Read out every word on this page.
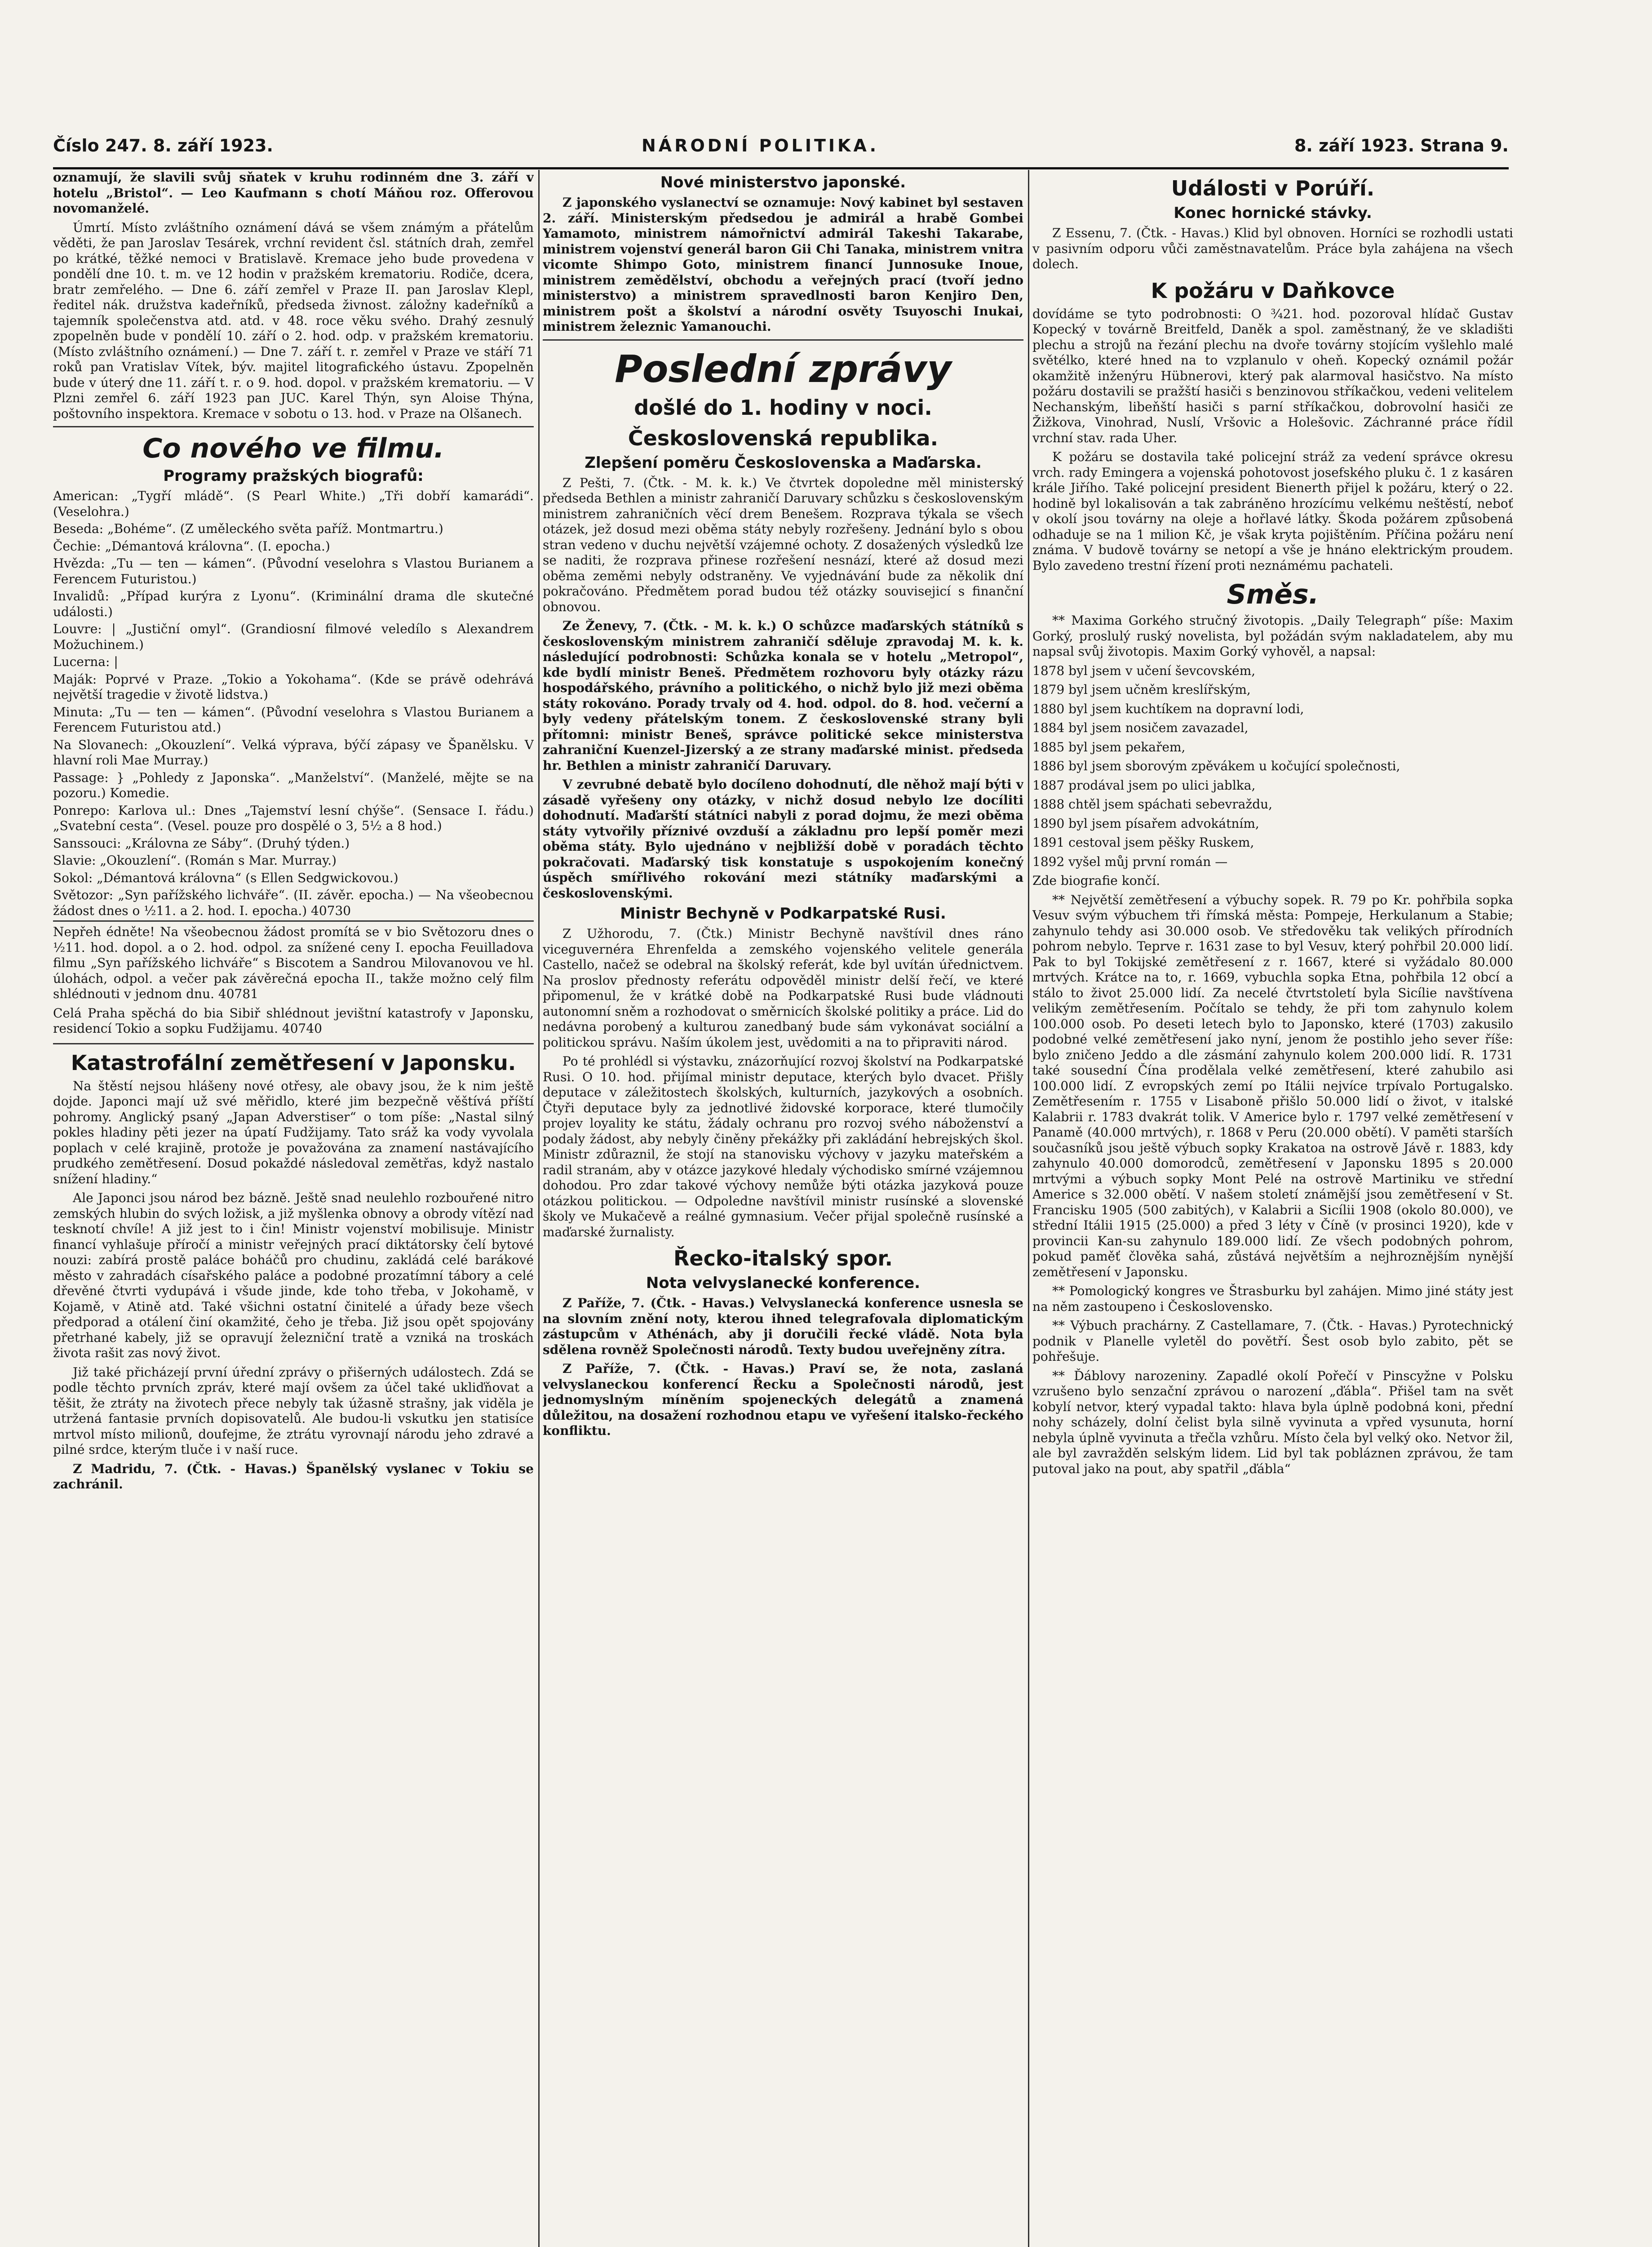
Číslo 247. 8. září 1923.	NÁRODNÍ POLITIKA.	8. září 1923. Strana 9.

oznamují, že slavili svůj sňatek v kruhu rodinném dne 3. září v hotelu „Bristol“. — Leo Kaufmann s chotí Máňou roz. Offerovou novomanželé.

Úmrtí. Místo zvláštního oznámení dává se všem známým a přátelům věděti, že pan Jaroslav Tesárek, vrchní revident čsl. státních drah, zemřel po krátké, těžké nemoci v Bratislavě. Kremace jeho bude provedena v pondělí dne 10. t. m. ve 12 hodin v pražském krematoriu. Rodiče, dcera, bratr zemřelého. — Dne 6. září zemřel v Praze II. pan Jaroslav Klepl, ředitel nák. družstva kadeřníků, předseda živnost. záložny kadeřníků a tajemník společenstva atd. atd. v 48. roce věku svého. Drahý zesnulý zpopelněn bude v pondělí 10. září o 2. hod. odp. v pražském krematoriu. (Místo zvláštního oznámení.) — Dne 7. září t. r. zemřel v Praze ve stáří 71 roků pan Vratislav Vítek, býv. majitel litografického ústavu. Zpopelněn bude v úterý dne 11. září t. r. o 9. hod. dopol. v pražském krematoriu. — V Plzni zemřel 6. září 1923 pan JUC. Karel Thýn, syn Aloise Thýna, poštovního inspektora. Kremace v sobotu o 13. hod. v Praze na Olšanech.

Co nového ve filmu.
Programy pražských biografů:

American: „Tygří mládě“. (S Pearl White.) „Tři dobří kamarádi“. (Veselohra.)

Beseda: „Bohéme“. (Z uměleckého světa paříž. Montmartru.)

Čechie: „Démantová královna“. (I. epocha.)

Hvězda: „Tu — ten — kámen“. (Původní veselohra s Vlastou Burianem a Ferencem Futuristou.)

Invalidů: „Případ kurýra z Lyonu“. (Kriminální drama dle skutečné události.)

Louvre: | „Justiční omyl“. (Grandiosní filmové veledílo s Alexandrem Možuchinem.)

Lucerna: |

Maják: Poprvé v Praze. „Tokio a Yokohama“. (Kde se právě odehrává největší tragedie v životě lidstva.)

Minuta: „Tu — ten — kámen“. (Původní veselohra s Vlastou Burianem a Ferencem Futuristou atd.)

Na Slovanech: „Okouzlení“. Velká výprava, býčí zápasy ve Španělsku. V hlavní roli Mae Murray.)

Passage: } „Pohledy z Japonska“. „Manželství“. (Manželé, mějte se na pozoru.) Komedie.

Ponrepo: Karlova ul.: Dnes „Tajemství lesní chýše“. (Sensace I. řádu.) „Svatební cesta“. (Vesel. pouze pro dospělé o 3, 5½ a 8 hod.)

Sanssouci: „Královna ze Sáby“. (Druhý týden.)

Slavie: „Okouzlení“. (Román s Mar. Murray.)

Sokol: „Démantová královna“ (s Ellen Sedgwickovou.)

Světozor: „Syn pařížského lichváře“. (II. závěr. epocha.) — Na všeobecnou žádost dnes o ½11. a 2. hod. I. epocha.) 40730

Nepřeh édněte! Na všeobecnou žádost promítá se v bio Světozoru dnes o ½11. hod. dopol. a o 2. hod. odpol. za snížené ceny I. epocha Feuilladova filmu „Syn pařížského lichváře“ s Biscotem a Sandrou Milovanovou ve hl. úlohách, odpol. a večer pak závěrečná epocha II., takže možno celý film shlédnouti v jednom dnu. 40781

Celá Praha spěchá do bia Sibiř shlédnout jevištní katastrofy v Japonsku, residencí Tokio a sopku Fudžijamu. 40740

Katastrofální zemětřesení v Japonsku.

Na štěstí nejsou hlášeny nové otřesy, ale obavy jsou, že k nim ještě dojde. Japonci mají už své měřidlo, které jim bezpečně věštívá příští pohromy. Anglický psaný „Japan Adverstiser“ o tom píše: „Nastal silný pokles hladiny pěti jezer na úpatí Fudžijamy. Tato sráž ka vody vyvolala poplach v celé krajině, protože je považována za znamení nastávajícího prudkého zemětřesení. Dosud pokaždé následoval zemětřas, když nastalo snížení hladiny.“

Ale Japonci jsou národ bez bázně. Ještě snad neulehlo rozbouřené nitro zemských hlubin do svých ložisk, a již myšlenka obnovy a obrody vítězí nad tesknotí chvíle! A již jest to i čin! Ministr vojenství mobilisuje. Ministr financí vyhlašuje příročí a ministr veřejných prací diktátorsky čelí bytové nouzi: zabírá prostě paláce boháčů pro chudinu, zakládá celé barákové město v zahradách císařského paláce a podobné prozatímní tábory a celé dřevěné čtvrti vydupává i všude jinde, kde toho třeba, v Jokohamě, v Kojamě, v Atině atd. Také všichni ostatní činitelé a úřady beze všech předporad a otálení činí okamžité, čeho je třeba. Již jsou opět spojovány přetrhané kabely, již se opravují železniční tratě a vzniká na troskách života rašit zas nový život.

Již také přicházejí první úřední zprávy o přišerných událostech. Zdá se podle těchto prvních zpráv, které mají ovšem za účel také ukliďňovat a těšit, že ztráty na životech přece nebyly tak úžasně strašny, jak viděla je utržená fantasie prvních dopisovatelů. Ale budou-li vskutku jen statisíce mrtvol místo milionů, doufejme, že ztrátu vyrovnají národu jeho zdravé a pilné srdce, kterým tluče i v naší ruce.

Z Madridu, 7. (Čtk. - Havas.) Španělský vyslanec v Tokiu se zachránil.

Nové ministerstvo japonské.

Z japonského vyslanectví se oznamuje: Nový kabinet byl sestaven 2. září. Ministerským předsedou je admirál a hrabě Gombei Yamamoto, ministrem námořnictví admirál Takeshi Takarabe, ministrem vojenství generál baron Gii Chi Tanaka, ministrem vnitra vicomte Shimpo Goto, ministrem financí Junnosuke Inoue, ministrem zemědělství, obchodu a veřejných prací (tvoří jedno ministerstvo) a ministrem spravedlnosti baron Kenjiro Den, ministrem pošt a školství a národní osvěty Tsuyoschi Inukai, ministrem železnic Yamanouchi.

Poslední zprávy
došlé do 1. hodiny v noci.
Československá republika.
Zlepšení poměru Československa a Maďarska.

Z Pešti, 7. (Čtk. - M. k. k.) Ve čtvrtek dopoledne měl ministerský předseda Bethlen a ministr zahraničí Daruvary schůzku s československým ministrem zahraničních věcí drem Benešem. Rozprava týkala se všech otázek, jež dosud mezi oběma státy nebyly rozřešeny. Jednání bylo s obou stran vedeno v duchu největší vzájemné ochoty. Z dosažených výsledků lze se naditi, že rozprava přinese rozřešení nesnází, které až dosud mezi oběma zeměmi nebyly odstraněny. Ve vyjednávání bude za několik dní pokračováno. Předmětem porad budou též otázky souvisejicí s finanční obnovou.

Ze Ženevy, 7. (Čtk. - M. k. k.) O schůzce maďarských státníků s československým ministrem zahraničí sděluje zpravodaj M. k. k. následující podrobnosti: Schůzka konala se v hotelu „Metropol“, kde bydlí ministr Beneš. Předmětem rozhovoru byly otázky rázu hospodářského, právního a politického, o nichž bylo již mezi oběma státy rokováno. Porady trvaly od 4. hod. odpol. do 8. hod. večerní a byly vedeny přátelským tonem. Z československé strany byli přítomni: ministr Beneš, správce politické sekce ministerstva zahraniční Kuenzel-Jizerský a ze strany maďarské minist. předseda hr. Bethlen a ministr zahraničí Daruvary.

V zevrubné debatě bylo docíleno dohodnutí, dle něhož mají býti v zásadě vyřešeny ony otázky, v nichž dosud nebylo lze docíliti dohodnutí. Maďarští státníci nabyli z porad dojmu, že mezi oběma státy vytvořily příznivé ovzduší a základnu pro lepší poměr mezi oběma státy. Bylo ujednáno v nejbližší době v poradách těchto pokračovati. Maďarský tisk konstatuje s uspokojením konečný úspěch smířlivého rokování mezi státníky maďarskými a československými.

Ministr Bechyně v Podkarpatské Rusi.

Z Užhorodu, 7. (Čtk.) Ministr Bechyně navštívil dnes ráno viceguvernéra Ehrenfelda a zemského vojenského velitele generála Castello, načež se odebral na školský referát, kde byl uvítán úřednictvem. Na proslov přednosty referátu odpověděl ministr delší řečí, ve které připomenul, že v krátké době na Podkarpatské Rusi bude vládnouti autonomní sněm a rozhodovat o směrnicích školské politiky a práce. Lid do nedávna porobený a kulturou zanedbaný bude sám vykonávat sociální a politickou správu. Naším úkolem jest, uvědomiti a na to připraviti národ.

Po té prohlédl si výstavku, znázorňující rozvoj školství na Podkarpatské Rusi. O 10. hod. přijímal ministr deputace, kterých bylo dvacet. Přišly deputace v záležitostech školských, kulturních, jazykových a osobních. Čtyři deputace byly za jednotlivé židovské korporace, které tlumočily projev loyality ke státu, žádaly ochranu pro rozvoj svého náboženství a podaly žádost, aby nebyly činěny překážky při zakládání hebrejských škol. Ministr zdůraznil, že stojí na stanovisku výchovy v jazyku mateřském a radil stranám, aby v otázce jazykové hledaly východisko smírné vzájemnou dohodou. Pro zdar takové výchovy nemůže býti otázka jazyková pouze otázkou politickou. — Odpoledne navštívil ministr rusínské a slovenské školy ve Mukačevě a reálné gymnasium. Večer přijal společně rusínské a maďarské žurnalisty.

Řecko-italský spor.
Nota velvyslanecké konference.

Z Paříže, 7. (Čtk. - Havas.) Velvyslanecká konference usnesla se na slovním znění noty, kterou ihned telegrafovala diplomatickým zástupcům v Athénách, aby ji doručili řecké vládě. Nota byla sdělena rovněž Společnosti národů. Texty budou uveřejněny zítra.

Z Paříže, 7. (Čtk. - Havas.) Praví se, že nota, zaslaná velvyslaneckou konferencí Řecku a Společnosti národů, jest jednomyslným míněním spojeneckých delegátů a znamená důležitou, na dosažení rozhodnou etapu ve vyřešení italsko-řeckého konfliktu.

Události v Porúří.
Konec hornické stávky.

Z Essenu, 7. (Čtk. - Havas.) Klid byl obnoven. Horníci se rozhodli ustati v pasivním odporu vůči zaměstnavatelům. Práce byla zahájena na všech dolech.

K požáru v Daňkovce

dovídáme se tyto podrobnosti: O ¾21. hod. pozoroval hlídač Gustav Kopecký v továrně Breitfeld, Daněk a spol. zaměstnaný, že ve skladišti plechu a strojů na řezání plechu na dvoře továrny stojícím vyšlehlo malé světélko, které hned na to vzplanulo v oheň. Kopecký oznámil požár okamžitě inženýru Hübnerovi, který pak alarmoval hasičstvo. Na místo požáru dostavili se pražští hasiči s benzinovou stříkačkou, vedeni velitelem Nechanským, libeňští hasiči s parní stříkačkou, dobrovolní hasiči ze Žižkova, Vinohrad, Nuslí, Vršovic a Holešovic. Záchranné práce řídil vrchní stav. rada Uher.

K požáru se dostavila také policejní stráž za vedení správce okresu vrch. rady Emingera a vojenská pohotovost josefského pluku č. 1 z kasáren krále Jiřího. Také policejní president Bienerth přijel k požáru, který o 22. hodině byl lokalisován a tak zabráněno hrozícímu velkému neštěstí, neboť v okolí jsou továrny na oleje a hořlavé látky. Škoda požárem způsobená odhaduje se na 1 milion Kč, je však kryta pojištěním. Příčina požáru není známa. V budově továrny se netopí a vše je hnáno elektrickým proudem. Bylo zavedeno trestní řízení proti neznámému pachateli.

Směs.

** Maxima Gorkého stručný životopis. „Daily Telegraph“ píše: Maxim Gorký, proslulý ruský novelista, byl požádán svým nakladatelem, aby mu napsal svůj životopis. Maxim Gorký vyhověl, a napsal:

1878 byl jsem v učení ševcovském,

1879 byl jsem učněm kreslířským,

1880 byl jsem kuchtíkem na dopravní lodi,

1884 byl jsem nosičem zavazadel,

1885 byl jsem pekařem,

1886 byl jsem sborovým zpěvákem u kočující společnosti,

1887 prodával jsem po ulici jablka,

1888 chtěl jsem spáchati sebevraždu,

1890 byl jsem písařem advokátním,

1891 cestoval jsem pěšky Ruskem,

1892 vyšel můj první román —

Zde biografie končí.

** Největší zemětřesení a výbuchy sopek. R. 79 po Kr. pohřbila sopka Vesuv svým výbuchem tři římská města: Pompeje, Herkulanum a Stabie; zahynulo tehdy asi 30.000 osob. Ve středověku tak velikých přírodních pohrom nebylo. Teprve r. 1631 zase to byl Vesuv, který pohřbil 20.000 lidí. Pak to byl Tokijské zemětřesení z r. 1667, které si vyžádalo 80.000 mrtvých. Krátce na to, r. 1669, vybuchla sopka Etna, pohřbila 12 obcí a stálo to život 25.000 lidí. Za necelé čtvrtstoletí byla Sicílie navštívena velikým zemětřesením. Počítalo se tehdy, že při tom zahynulo kolem 100.000 osob. Po deseti letech bylo to Japonsko, které (1703) zakusilo podobné velké zemětřesení jako nyní, jenom že postihlo jeho sever říše: bylo zničeno Jeddo a dle zásmání zahynulo kolem 200.000 lidí. R. 1731 také sousední Čína prodělala velké zemětřesení, které zahubilo asi 100.000 lidí. Z evropských zemí po Itálii nejvíce trpívalo Portugalsko. Zemětřesením r. 1755 v Lisaboně přišlo 50.000 lidí o život, v italské Kalabrii r. 1783 dvakrát tolik. V Americe bylo r. 1797 velké zemětřesení v Panamě (40.000 mrtvých), r. 1868 v Peru (20.000 obětí). V paměti starších současníků jsou ještě výbuch sopky Krakatoa na ostrově Jávě r. 1883, kdy zahynulo 40.000 domorodců, zemětřesení v Japonsku 1895 s 20.000 mrtvými a výbuch sopky Mont Pelé na ostrově Martiniku ve střední Americe s 32.000 obětí. V našem století známější jsou zemětřesení v St. Francisku 1905 (500 zabitých), v Kalabrii a Sicílii 1908 (okolo 80.000), ve střední Itálii 1915 (25.000) a před 3 léty v Číně (v prosinci 1920), kde v provincii Kan-su zahynulo 189.000 lidí. Ze všech podobných pohrom, pokud paměť člověka sahá, zůstává největším a nejhroznějším nynější zemětřesení v Japonsku.

** Pomologický kongres ve Štrasburku byl zahájen. Mimo jiné státy jest na něm zastoupeno i Československo.

** Výbuch prachárny. Z Castellamare, 7. (Čtk. - Havas.) Pyrotechnický podnik v Planelle vyletěl do povětří. Šest osob bylo zabito, pět se pohřešuje.

** Ďáblovy narozeniny. Zapadlé okolí Pořečí v Pinscyžne v Polsku vzrušeno bylo senzační zprávou o narození „ďábla“. Přišel tam na svět kobylí netvor, který vypadal takto: hlava byla úplně podobná koni, přední nohy scházely, dolní čelist byla silně vyvinuta a vpřed vysunuta, horní nebyla úplně vyvinuta a třečla vzhůru. Místo čela byl velký oko. Netvor žil, ale byl zavražděn selským lidem. Lid byl tak pobláznen zprávou, že tam putoval jako na pout, aby spatřil „ďábla“
